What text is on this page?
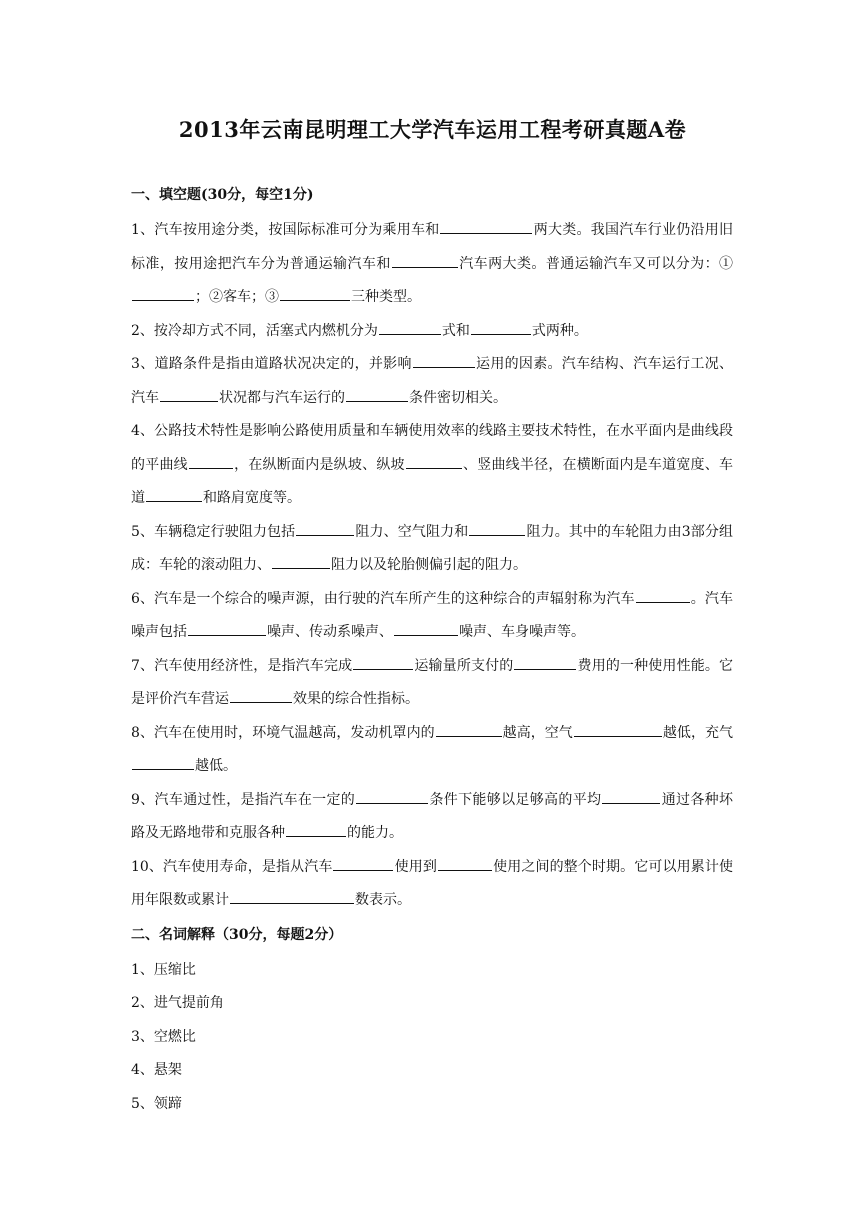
2013年云南昆明理工大学汽车运用工程考研真题A卷
一、填空题(30分，每空1分)

1、汽车按用途分类，按国际标准可分为乘用车和	两大类。我国汽车行业仍沿用旧标准，按用途把汽车分为普通运输汽车和	汽车两大类。普通运输汽车又可以分为：①；②客车；③	三种类型。

2、按冷却方式不同，活塞式内燃机分为	式和	式两种。

3、道路条件是指由道路状况决定的，并影响	运用的因素。汽车结构、汽车运行工况、汽车	状况都与汽车运行的	条件密切相关。

4、公路技术特性是影响公路使用质量和车辆使用效率的线路主要技术特性，在水平面内是曲线段的平曲线	，在纵断面内是纵坡、纵坡	、竖曲线半径，在横断面内是车道宽度、车道	和路肩宽度等。

5、车辆稳定行驶阻力包括	阻力、空气阻力和	阻力。其中的车轮阻力由3部分组成：车轮的滚动阻力、	阻力以及轮胎侧偏引起的阻力。

6、汽车是一个综合的噪声源，由行驶的汽车所产生的这种综合的声辐射称为汽车	。汽车噪声包括	噪声、传动系噪声、	噪声、车身噪声等。

7、汽车使用经济性，是指汽车完成	运输量所支付的	费用的一种使用性能。它是评价汽车营运	效果的综合性指标。

8、汽车在使用时，环境气温越高，发动机罩内的	越高，空气	越低，充气越低。

9、汽车通过性，是指汽车在一定的	条件下能够以足够高的平均	通过各种坏路及无路地带和克服各种	的能力。

10、汽车使用寿命，是指从汽车	使用到	使用之间的整个时期。它可以用累计使用年限数或累计	数表示。

二、名词解释（30分，每题2分）

1、压缩比

2、进气提前角

3、空燃比

4、悬架

5、领蹄
